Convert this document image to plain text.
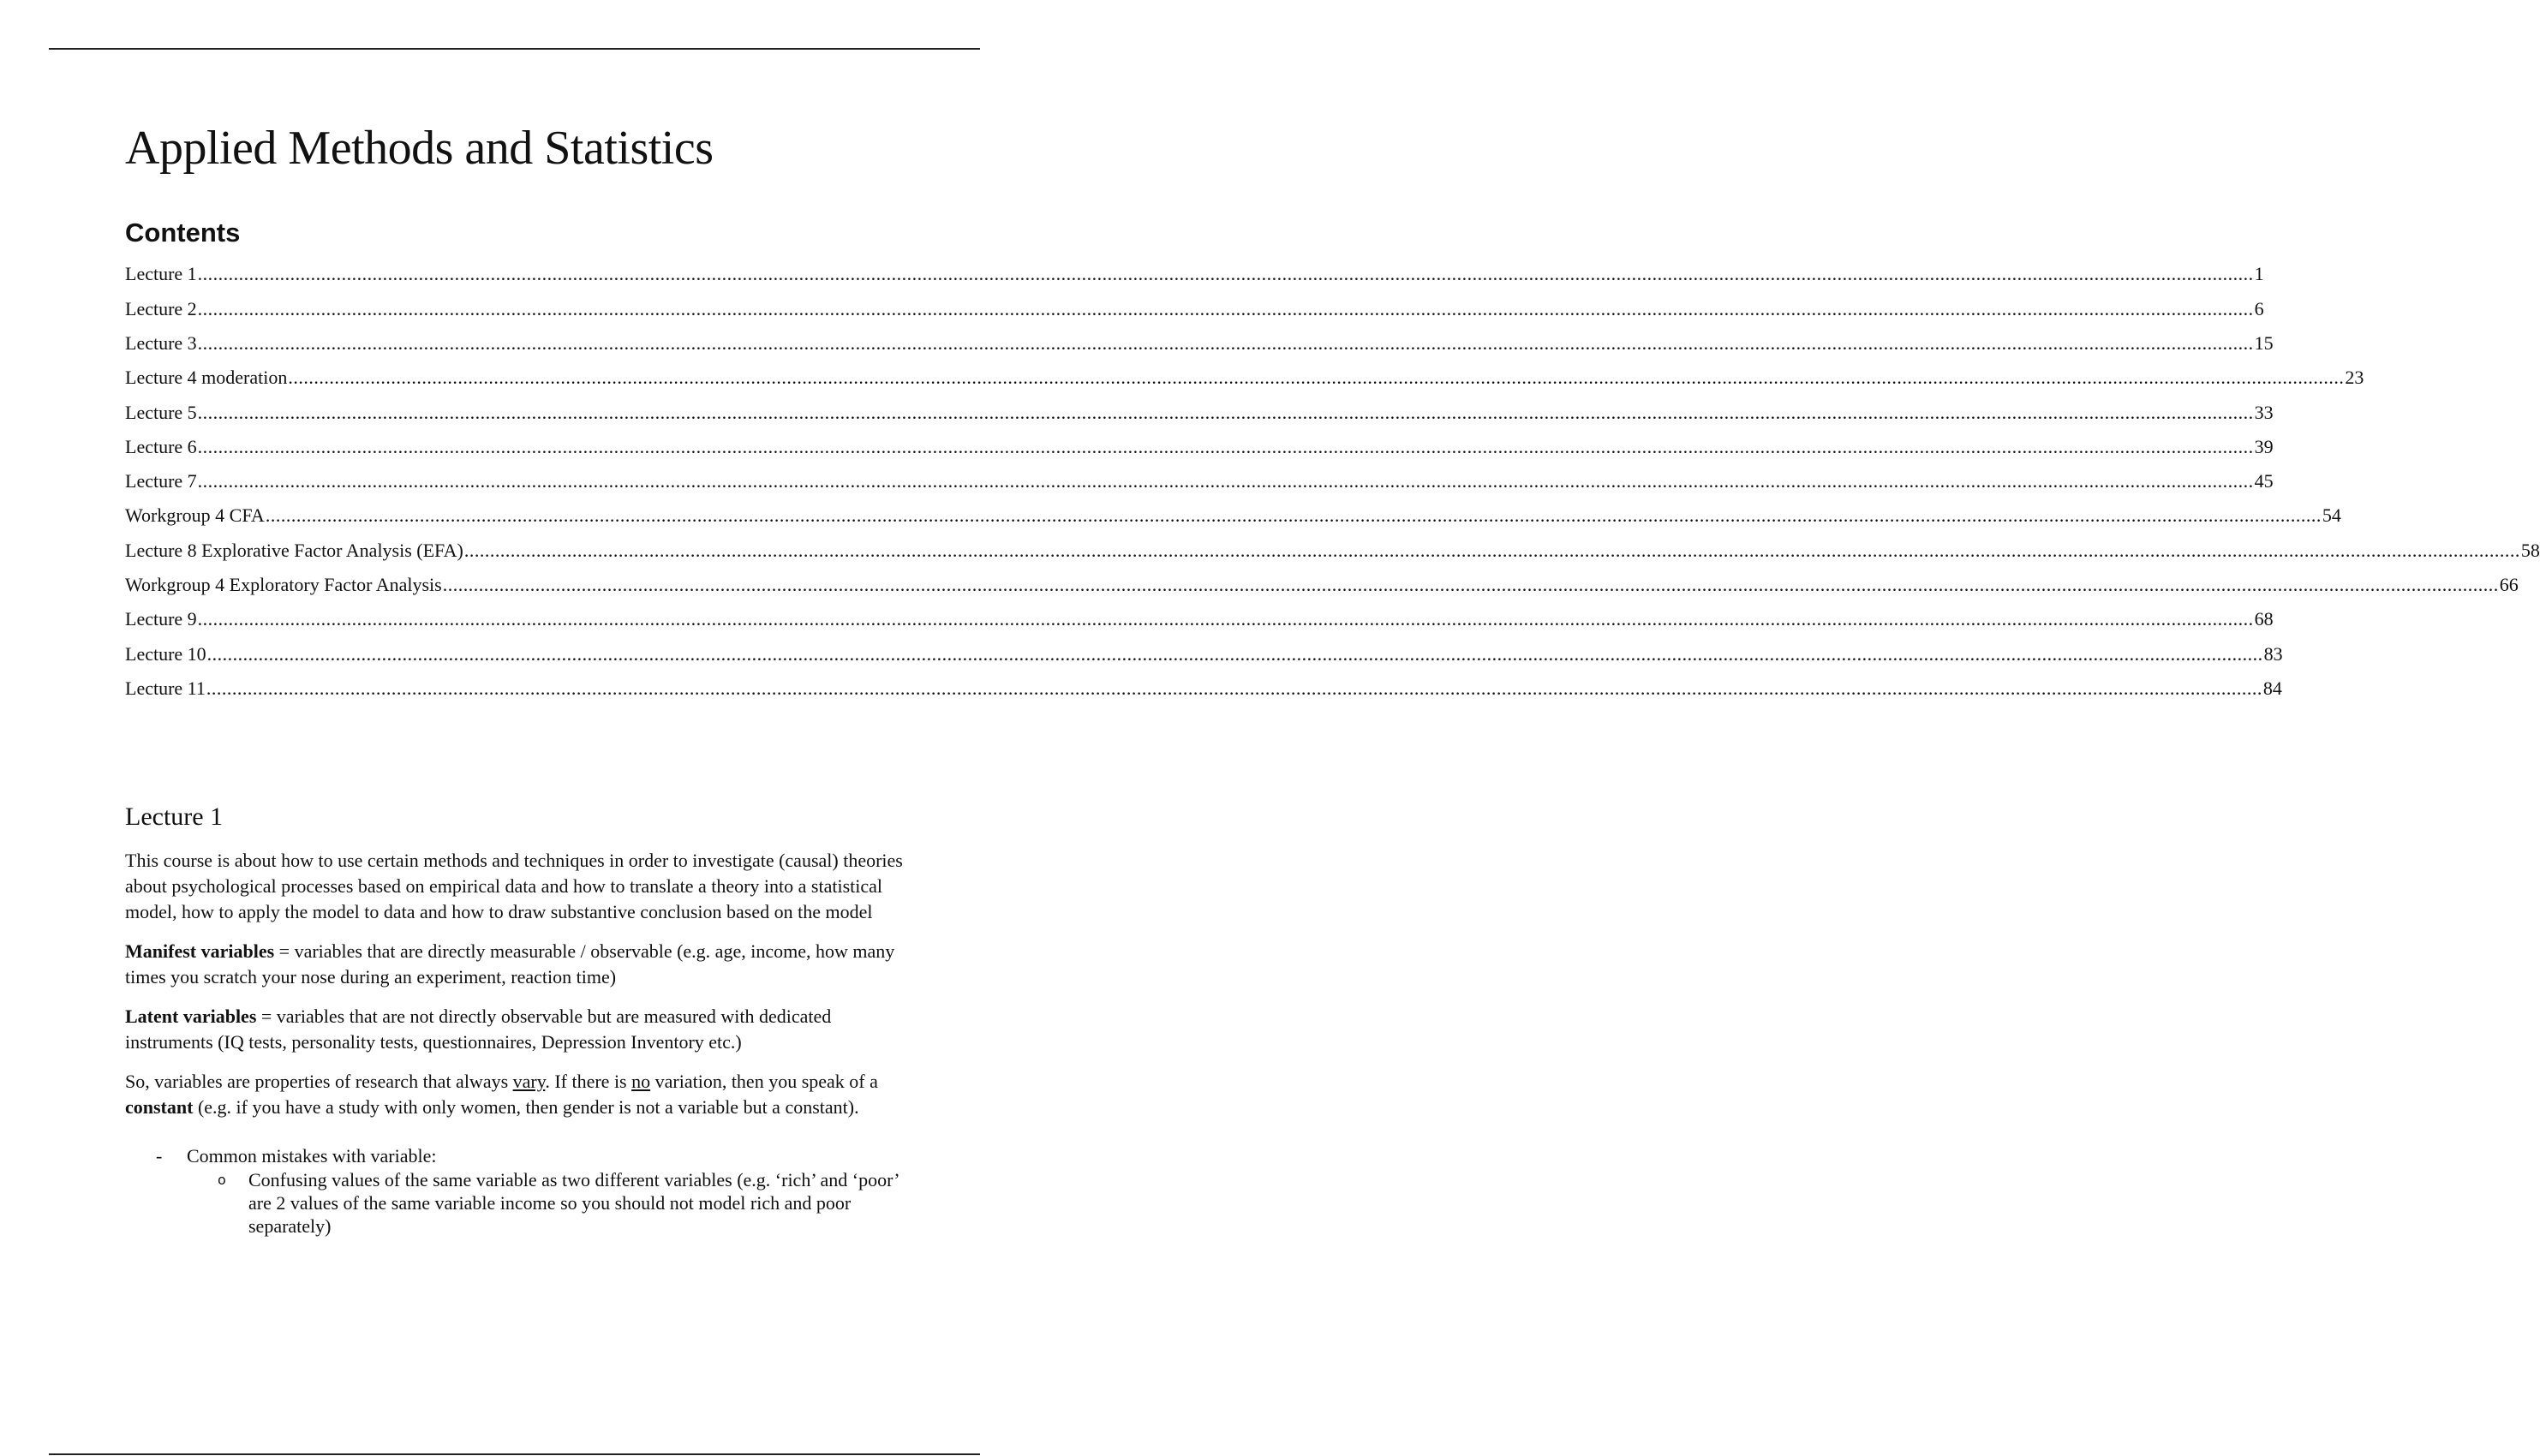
Applied Methods and Statistics
Contents
Lecture 1 ................................................................................................................................................................................................................................................................................................................................................................................................................ 1
Lecture 2 ................................................................................................................................................................................................................................................................................................................................................................................................................ 6
Lecture 3 ................................................................................................................................................................................................................................................................................................................................................................................................................ 15
Lecture 4 moderation ................................................................................................................................................................................................................................................................................................................................................................................................................ 23
Lecture 5 ................................................................................................................................................................................................................................................................................................................................................................................................................ 33
Lecture 6 ................................................................................................................................................................................................................................................................................................................................................................................................................ 39
Lecture 7 ................................................................................................................................................................................................................................................................................................................................................................................................................ 45
Workgroup 4 CFA ................................................................................................................................................................................................................................................................................................................................................................................................................ 54
Lecture 8 Explorative Factor Analysis (EFA) ................................................................................................................................................................................................................................................................................................................................................................................................................ 58
Workgroup 4 Exploratory Factor Analysis ................................................................................................................................................................................................................................................................................................................................................................................................................ 66
Lecture 9 ................................................................................................................................................................................................................................................................................................................................................................................................................ 68
Lecture 10 ................................................................................................................................................................................................................................................................................................................................................................................................................ 83
Lecture 11 ................................................................................................................................................................................................................................................................................................................................................................................................................ 84
Lecture 1

This course is about how to use certain methods and techniques in order to investigate (causal) theories about psychological processes based on empirical data and how to translate a theory into a statistical model, how to apply the model to data and how to draw substantive conclusion based on the model

Manifest variables = variables that are directly measurable / observable (e.g. age, income, how many times you scratch your nose during an experiment, reaction time)

Latent variables = variables that are not directly observable but are measured with dedicated instruments (IQ tests, personality tests, questionnaires, Depression Inventory etc.)

So, variables are properties of research that always vary. If there is no variation, then you speak of a constant (e.g. if you have a study with only women, then gender is not a variable but a constant).

- Common mistakes with variable:
o Confusing values of the same variable as two different variables (e.g. ‘rich’ and ‘poor’ are 2 values of the same variable income so you should not model rich and poor separately)
